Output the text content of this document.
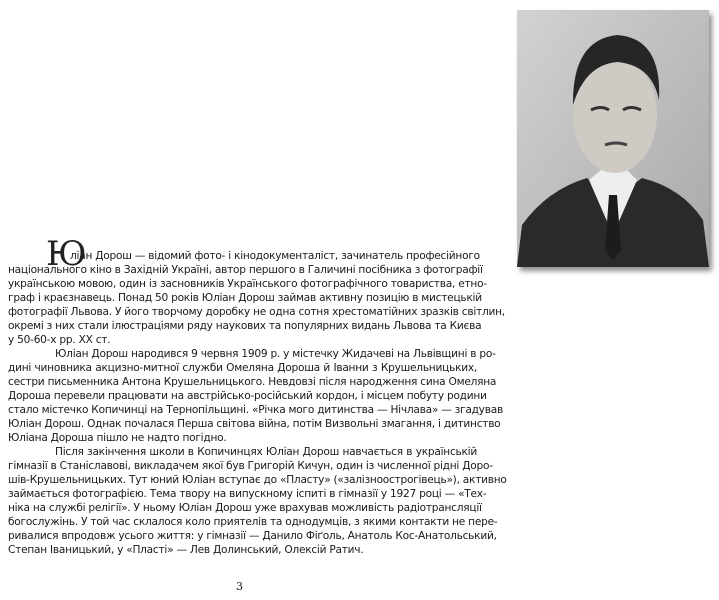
Ю
ліан Дорош — відомий фото- і кінодокументаліст, зачинатель професійного
національного кіно в Західній Україні, автор першого в Галичині посібника з фотографії
українською мовою, один із засновників Українського фотографічного товариства, етно-
граф і краєзнавець. Понад 50 років Юліан Дорош займав активну позицію в мистецькій
фотографії Львова. У його творчому доробку не одна сотня хрестоматійних зразків світлин,
окремі з них стали ілюстраціями ряду наукових та популярних видань Львова та Києва
у 50-60-х рр. ХХ ст.
Юліан Дорош народився 9 червня 1909 р. у містечку Жидачеві на Львівщині в ро-
дині чиновника акцизно-митної служби Омеляна Дороша й Іванни з Крушельницьких,
сестри письменника Антона Крушельницького. Невдовзі після народження сина Омеляна
Дороша перевели працювати на австрійсько-російський кордон, і місцем побуту родини
стало містечко Копичинці на Тернопільщині. «Річка мого дитинства — Нічлава» — згадував
Юліан Дорош. Однак почалася Перша світова війна, потім Визвольні змагання, і дитинство
Юліана Дороша пішло не надто погідно.
Після закінчення школи в Копичинцях Юліан Дорош навчається в українській
гімназії в Станіславові, викладачем якої був Григорій Кичун, один із численної рідні Доро-
шів-Крушельницьких. Тут юний Юліан вступає до «Пласту» («залізноострогівець»), активно
займається фотографією. Тема твору на випускному іспиті в гімназії у 1927 році — «Тех-
ніка на службі релігії». У ньому Юліан Дорош уже врахував можливість радіотрансляції
богослужінь. У той час склалося коло приятелів та однодумців, з якими контакти не пере-
ривалися впродовж усього життя: у гімназії — Данило Фіґоль, Анатоль Кос-Анатольський,
Степан Іваницький, у «Пласті» — Лев Долинський, Олексій Ратич.
3
